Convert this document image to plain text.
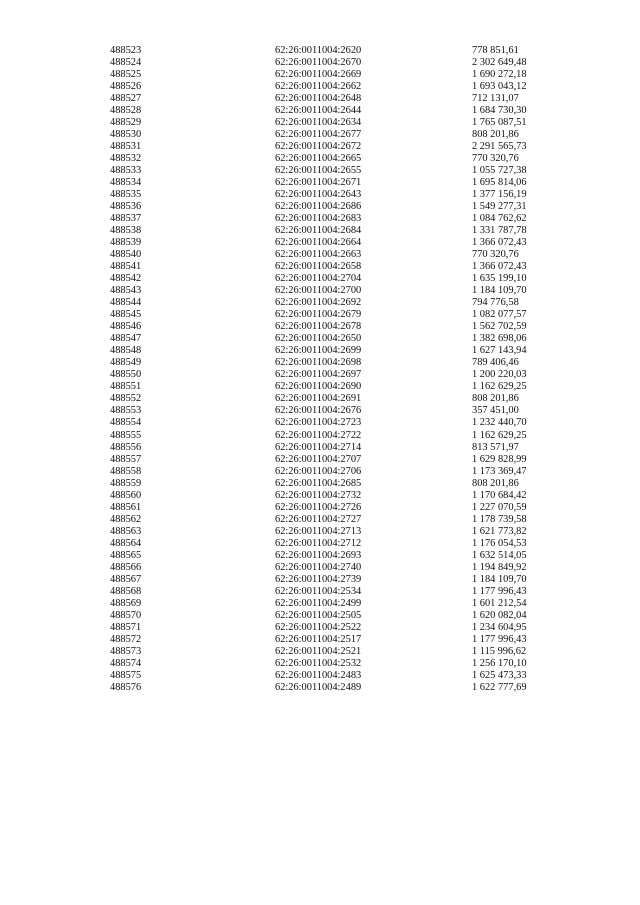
488523	62:26:0011004:2620	778 851,61
488524	62:26:0011004:2670	2 302 649,48
488525	62:26:0011004:2669	1 690 272,18
488526	62:26:0011004:2662	1 693 043,12
488527	62:26:0011004:2648	712 131,07
488528	62:26:0011004:2644	1 684 730,30
488529	62:26:0011004:2634	1 765 087,51
488530	62:26:0011004:2677	808 201,86
488531	62:26:0011004:2672	2 291 565,73
488532	62:26:0011004:2665	770 320,76
488533	62:26:0011004:2655	1 055 727,38
488534	62:26:0011004:2671	1 695 814,06
488535	62:26:0011004:2643	1 377 156,19
488536	62:26:0011004:2686	1 549 277,31
488537	62:26:0011004:2683	1 084 762,62
488538	62:26:0011004:2684	1 331 787,78
488539	62:26:0011004:2664	1 366 072,43
488540	62:26:0011004:2663	770 320,76
488541	62:26:0011004:2658	1 366 072,43
488542	62:26:0011004:2704	1 635 199,10
488543	62:26:0011004:2700	1 184 109,70
488544	62:26:0011004:2692	794 776,58
488545	62:26:0011004:2679	1 082 077,57
488546	62:26:0011004:2678	1 562 702,59
488547	62:26:0011004:2650	1 382 698,06
488548	62:26:0011004:2699	1 627 143,94
488549	62:26:0011004:2698	789 406,46
488550	62:26:0011004:2697	1 200 220,03
488551	62:26:0011004:2690	1 162 629,25
488552	62:26:0011004:2691	808 201,86
488553	62:26:0011004:2676	357 451,00
488554	62:26:0011004:2723	1 232 440,70
488555	62:26:0011004:2722	1 162 629,25
488556	62:26:0011004:2714	813 571,97
488557	62:26:0011004:2707	1 629 828,99
488558	62:26:0011004:2706	1 173 369,47
488559	62:26:0011004:2685	808 201,86
488560	62:26:0011004:2732	1 170 684,42
488561	62:26:0011004:2726	1 227 070,59
488562	62:26:0011004:2727	1 178 739,58
488563	62:26:0011004:2713	1 621 773,82
488564	62:26:0011004:2712	1 176 054,53
488565	62:26:0011004:2693	1 632 514,05
488566	62:26:0011004:2740	1 194 849,92
488567	62:26:0011004:2739	1 184 109,70
488568	62:26:0011004:2534	1 177 996,43
488569	62:26:0011004:2499	1 601 212,54
488570	62:26:0011004:2505	1 620 082,04
488571	62:26:0011004:2522	1 234 604,95
488572	62:26:0011004:2517	1 177 996,43
488573	62:26:0011004:2521	1 115 996,62
488574	62:26:0011004:2532	1 256 170,10
488575	62:26:0011004:2483	1 625 473,33
488576	62:26:0011004:2489	1 622 777,69
